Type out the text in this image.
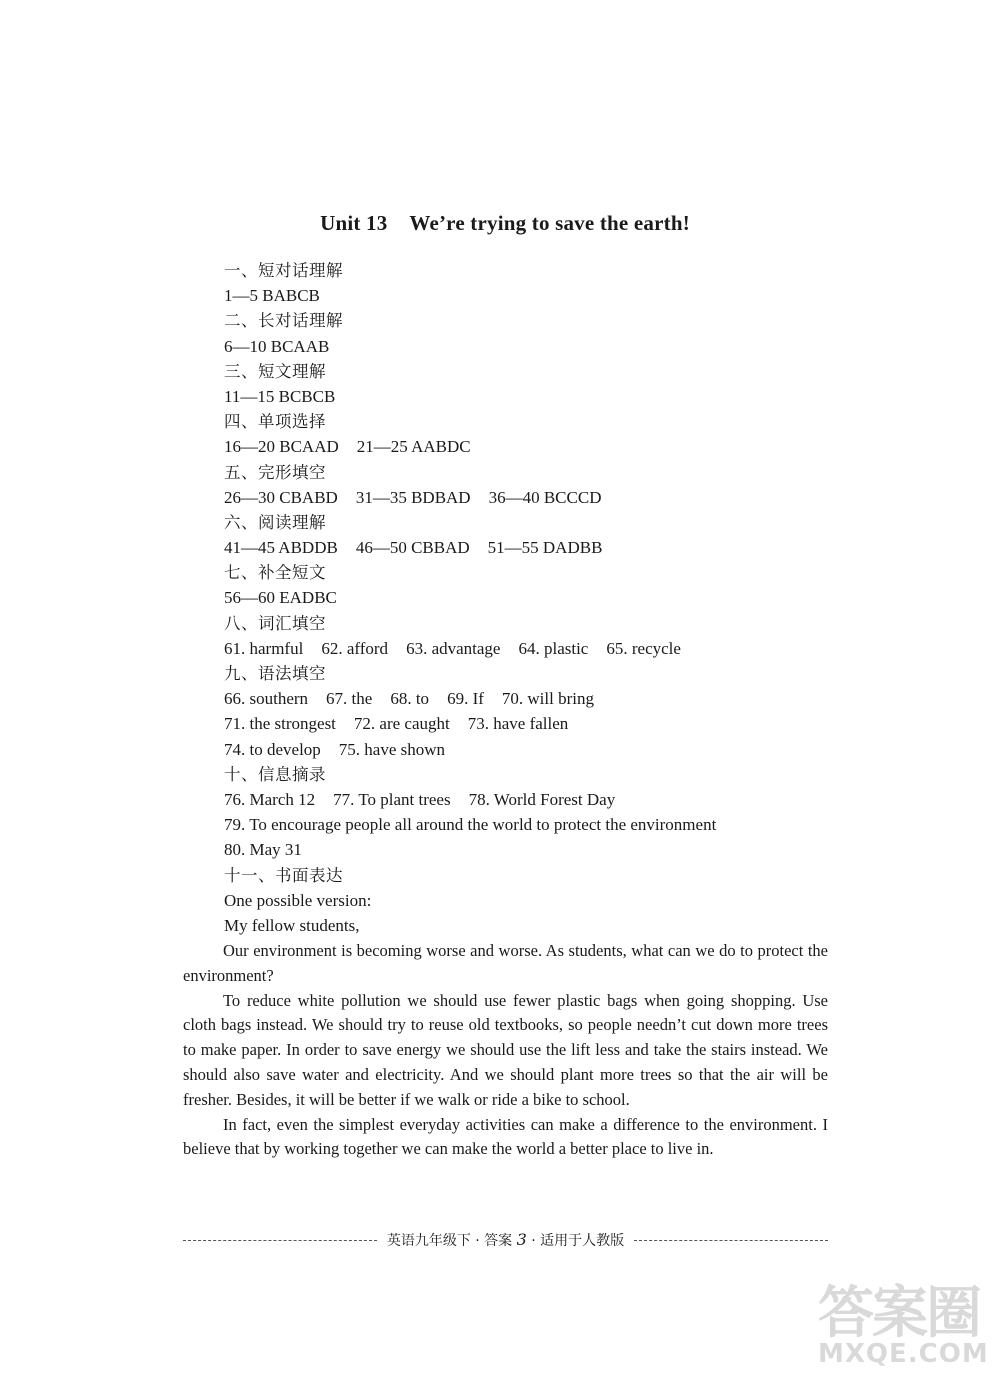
Unit 13 We’re trying to save the earth!
一、短对话理解
1—5 BABCB
二、长对话理解
6—10 BCAAB
三、短文理解
11—15 BCBCB
四、单项选择
16—20 BCAAD 21—25 AABDC
五、完形填空
26—30 CBABD 31—35 BDBAD 36—40 BCCCD
六、阅读理解
41—45 ABDDB 46—50 CBBAD 51—55 DADBB
七、补全短文
56—60 EADBC
八、词汇填空
61. harmful 62. afford 63. advantage 64. plastic 65. recycle
九、语法填空
66. southern 67. the 68. to 69. If 70. will bring
71. the strongest 72. are caught 73. have fallen
74. to develop 75. have shown
十、信息摘录
76. March 12 77. To plant trees 78. World Forest Day
79. To encourage people all around the world to protect the environment
80. May 31
十一、书面表达
One possible version:
My fellow students,

Our environment is becoming worse and worse. As students, what can we do to protect the environment?

To reduce white pollution we should use fewer plastic bags when going shopping. Use cloth bags instead. We should try to reuse old textbooks, so people needn’t cut down more trees to make paper. In order to save energy we should use the lift less and take the stairs instead. We should also save water and electricity. And we should plant more trees so that the air will be fresher. Besides, it will be better if we walk or ride a bike to school.

In fact, even the simplest everyday activities can make a difference to the environment. I believe that by working together we can make the world a better place to live in.

英语九年级下 · 答案 3 · 适用于人教版
答案圈
MXQE.COM
